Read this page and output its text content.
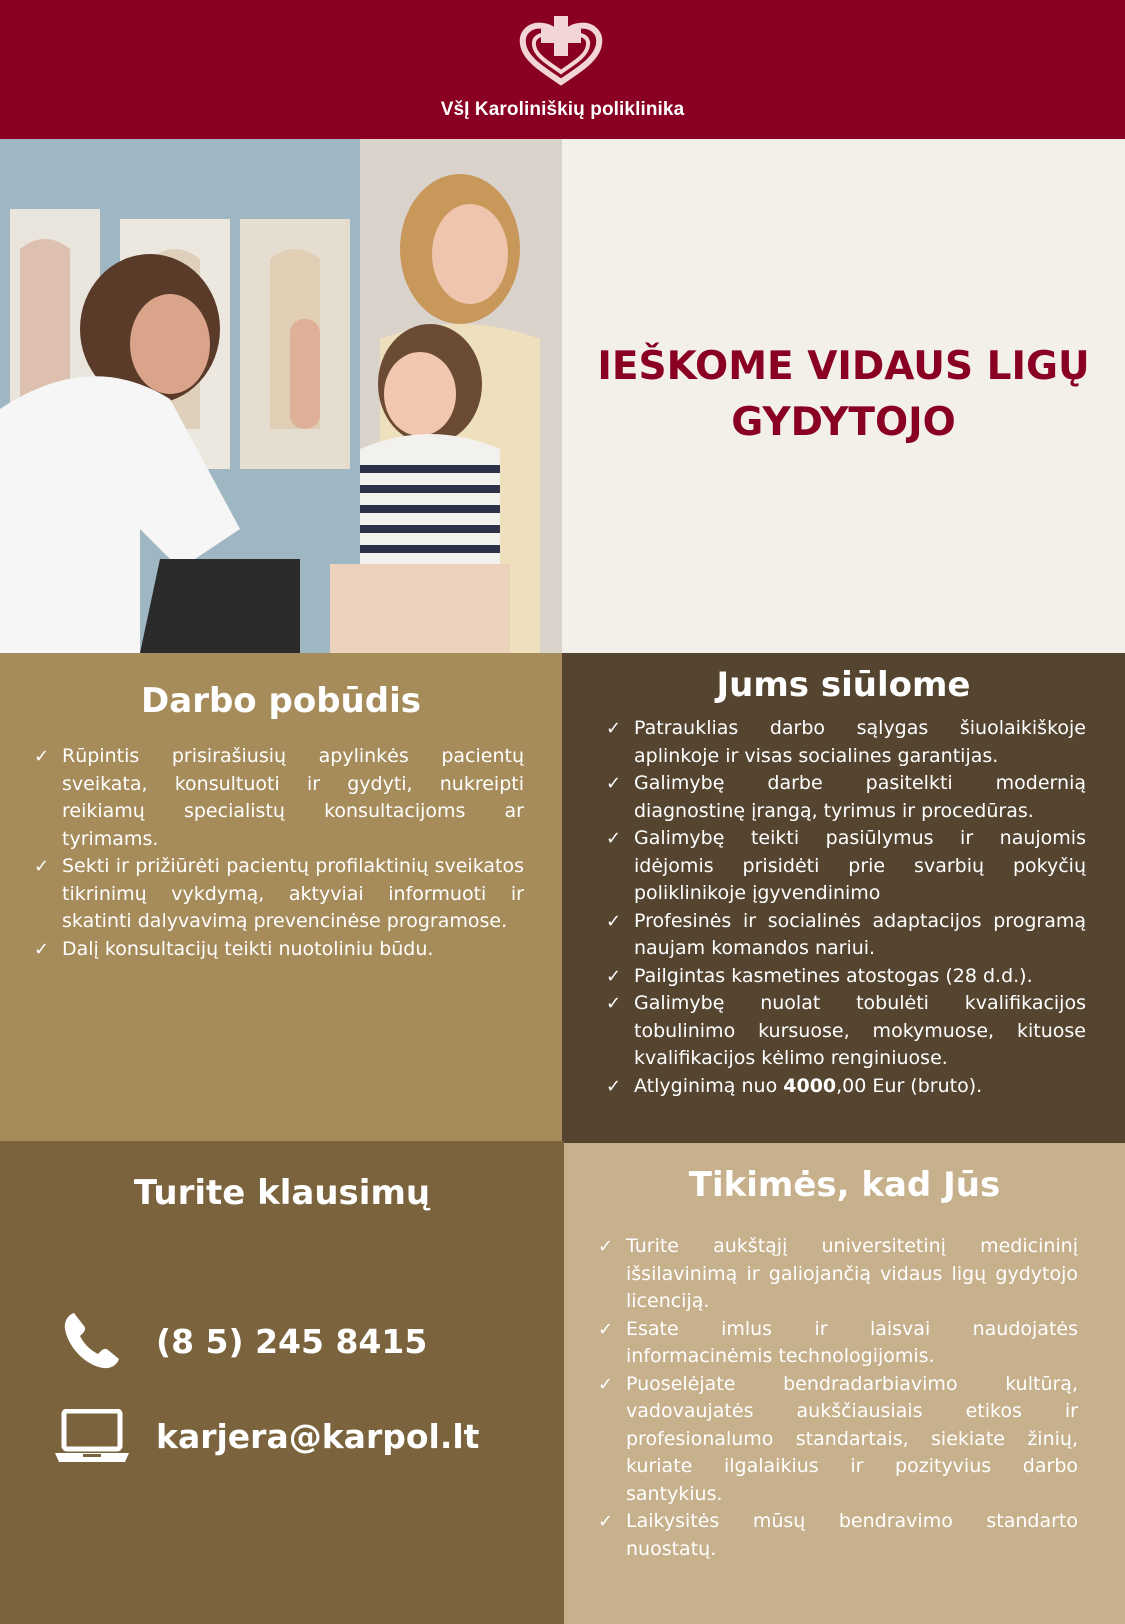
VšĮ Karoliniškių poliklinika
IEŠKOME VIDAUS LIGŲ
GYDYTOJO
Darbo pobūdis
✓ Rūpintis prisirašiusių apylinkės pacientų sveikata, konsultuoti ir gydyti, nukreipti reikiamų specialistų konsultacijoms ar tyrimams.
✓ Sekti ir prižiūrėti pacientų profilaktinių sveikatos tikrinimų vykdymą, aktyviai informuoti ir skatinti dalyvavimą prevencinėse programose.
✓ Dalį konsultacijų teikti nuotoliniu būdu.
Jums siūlome
✓ Patrauklias darbo sąlygas šiuolaikiškoje aplinkoje ir visas socialines garantijas.
✓ Galimybę darbe pasitelkti modernią diagnostinę įrangą, tyrimus ir procedūras.
✓ Galimybę teikti pasiūlymus ir naujomis idėjomis prisidėti prie svarbių pokyčių poliklinikoje įgyvendinimo
✓ Profesinės ir socialinės adaptacijos programą naujam komandos nariui.
✓ Pailgintas kasmetines atostogas (28 d.d.).
✓ Galimybę nuolat tobulėti kvalifikacijos tobulinimo kursuose, mokymuose, kituose kvalifikacijos kėlimo renginiuose.
✓ Atlyginimą nuo 4000,00 Eur (bruto).
Turite klausimų
(8 5) 245 8415
karjera@karpol.lt
Tikimės, kad Jūs
✓ Turite aukštąjį universitetinį medicininį išsilavinimą ir galiojančią vidaus ligų gydytojo licenciją.
✓ Esate imlus ir laisvai naudojatės informacinėmis technologijomis.
✓ Puoselėjate bendradarbiavimo kultūrą, vadovaujatės aukščiausiais etikos ir profesionalumo standartais, siekiate žinių, kuriate ilgalaikius ir pozityvius darbo santykius.
✓ Laikysitės mūsų bendravimo standarto nuostatų.
